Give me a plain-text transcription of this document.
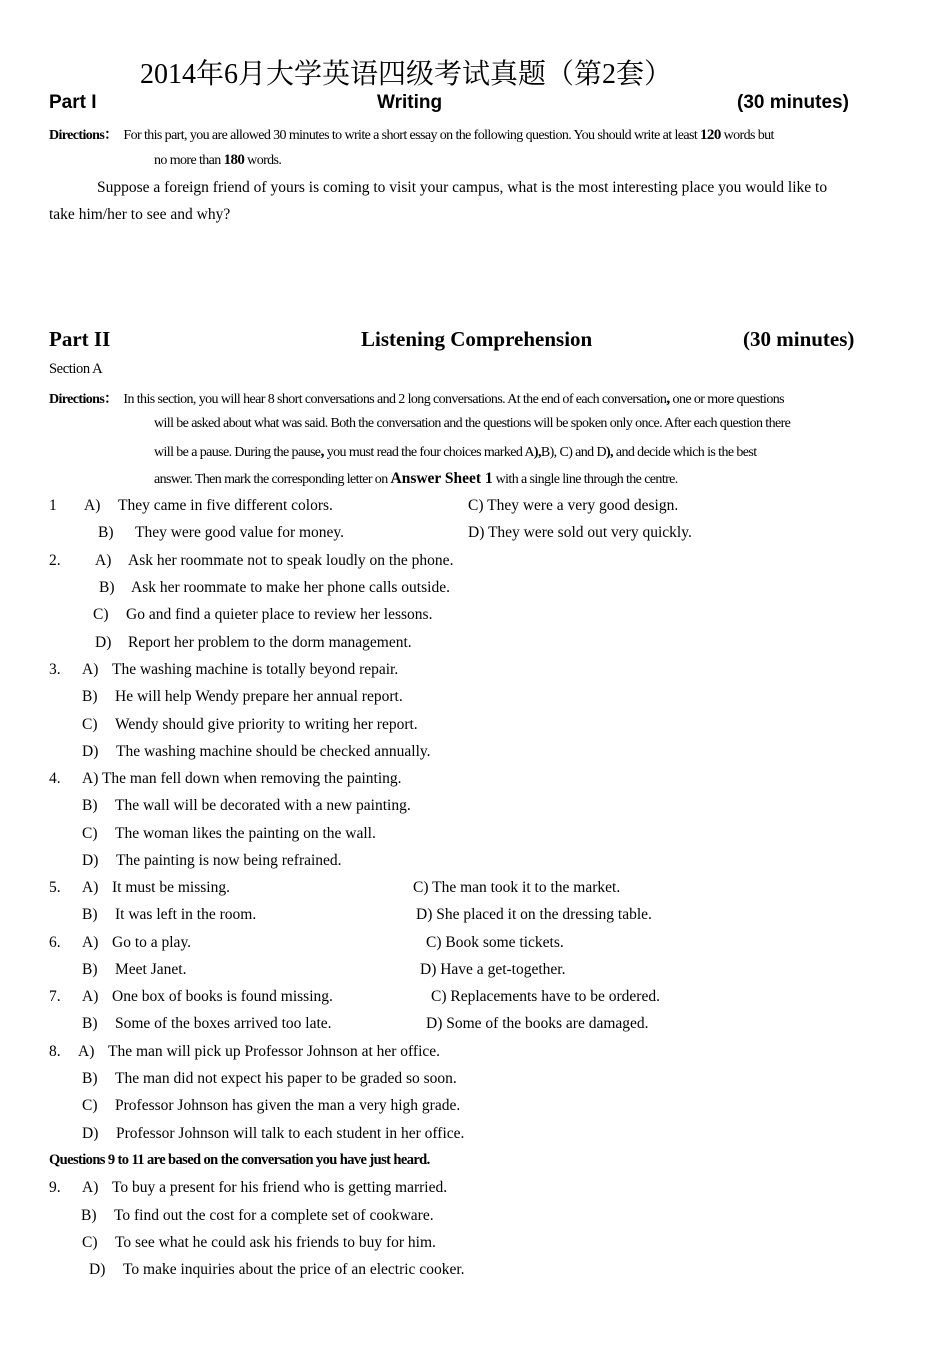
2014年6月大学英语四级考试真题（第2套）
Part I	Writing	(30 minutes)
Directions： For this part, you are allowed 30 minutes to write a short essay on the following question. You should write at least 120 words but
no more than 180 words.
Suppose a foreign friend of yours is coming to visit your campus, what is the most interesting place you would like to
take him/her to see and why?
Part II	Listening Comprehension	(30 minutes)
Section A
Directions： In this section, you will hear 8 short conversations and 2 long conversations. At the end of each conversation, one or more questions
will be asked about what was said. Both the conversation and the questions will be spoken only once. After each question there
will be a pause. During the pause, you must read the four choices marked A),B), C) and D), and decide which is the best
answer. Then mark the corresponding letter on Answer Sheet 1 with a single line through the centre.
1 A) They came in five different colors.	C) They were a very good design.
B) They were good value for money.	D) They were sold out very quickly.
2. A) Ask her roommate not to speak loudly on the phone.
B) Ask her roommate to make her phone calls outside.
C) Go and find a quieter place to review her lessons.
D) Report her problem to the dorm management.
3. A) The washing machine is totally beyond repair.
B) He will help Wendy prepare her annual report.
C) Wendy should give priority to writing her report.
D) The washing machine should be checked annually.
4. A) The man fell down when removing the painting.
B) The wall will be decorated with a new painting.
C) The woman likes the painting on the wall.
D) The painting is now being refrained.
5. A) It must be missing.	C) The man took it to the market.
B) It was left in the room.	D) She placed it on the dressing table.
6. A) Go to a play.	C) Book some tickets.
B) Meet Janet.	D) Have a get-together.
7. A) One box of books is found missing.	C) Replacements have to be ordered.
B) Some of the boxes arrived too late.	D) Some of the books are damaged.
8. A) The man will pick up Professor Johnson at her office.
B) The man did not expect his paper to be graded so soon.
C) Professor Johnson has given the man a very high grade.
D) Professor Johnson will talk to each student in her office.
Questions 9 to 11 are based on the conversation you have just heard.
9. A) To buy a present for his friend who is getting married.
B) To find out the cost for a complete set of cookware.
C) To see what he could ask his friends to buy for him.
D) To make inquiries about the price of an electric cooker.
